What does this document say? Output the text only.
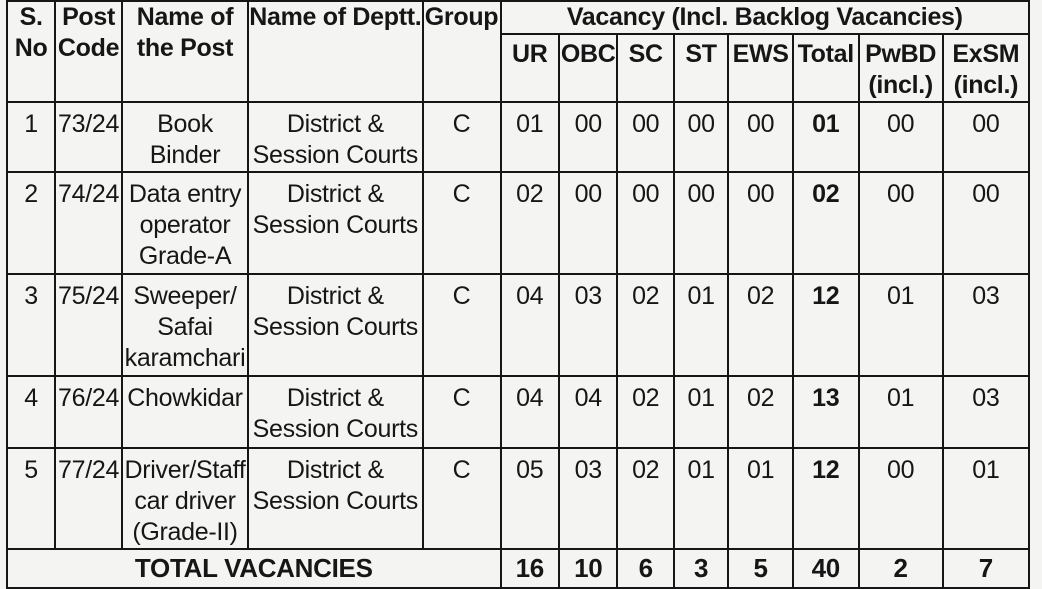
S. No	Post Code	Name of the Post	Name of Deptt.	Group	Vacancy (Incl. Backlog Vacancies)							
					UR	OBC	SC	ST	EWS	Total	PwBD (incl.)	ExSM (incl.)
1	73/24	Book Binder	District & Session Courts	C	01	00	00	00	00	01	00	00
2	74/24	Data entry operator Grade-A	District & Session Courts	C	02	00	00	00	00	02	00	00
3	75/24	Sweeper/ Safai karamchari	District & Session Courts	C	04	03	02	01	02	12	01	03
4	76/24	Chowkidar	District & Session Courts	C	04	04	02	01	02	13	01	03
5	77/24	Driver/Staff car driver (Grade-II)	District & Session Courts	C	05	03	02	01	01	12	00	01
TOTAL VACANCIES					16	10	6	3	5	40	2	7
